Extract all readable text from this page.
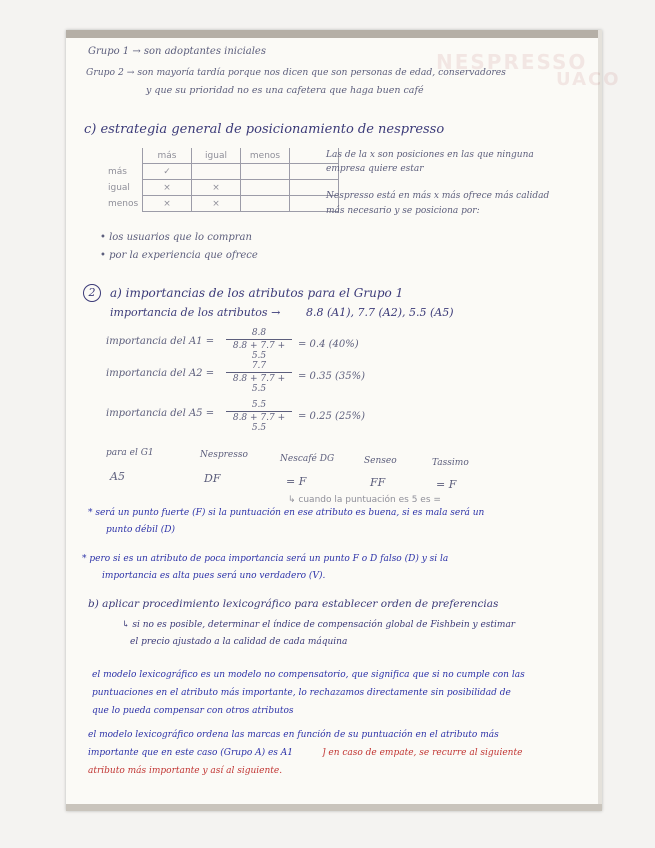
NESPRESSO
UACO
Grupo 1 → son adoptantes iniciales
Grupo 2 → son mayoría tardía porque nos dicen que son personas de edad, conservadores
y que su prioridad no es una cafetera que haga buen café
c) estrategia general de posicionamiento de nespresso
	más	igual	menos	
más	✓			
igual	×	×		
menos	×	×		
Las de la x son posiciones en las que ninguna
empresa quiere estar
Nespresso está en más x más ofrece más calidad
más necesario y se posiciona por:
• los usuarios que lo compran
• por la experiencia que ofrece
2	a) importancias de los atributos para el Grupo 1
importancia de los atributos → 8.8 (A1), 7.7 (A2), 5.5 (A5)
importancia del A1 =
8.8
8.8 + 7.7 + 5.5
= 0.4 (40%)
importancia del A2 =
7.7
8.8 + 7.7 + 5.5
= 0.35 (35%)
importancia del A5 =
5.5
8.8 + 7.7 + 5.5
= 0.25 (25%)
para el G1	Nespresso	Nescafé DG	Senseo	Tassimo
A5	DF	= F	FF	= F
↳ cuando la puntuación es 5 es =
* será un punto fuerte (F) si la puntuación en ese atributo es buena, si es mala será un
punto débil (D)
* pero si es un atributo de poca importancia será un punto F o D falso (D) y si la
importancia es alta pues será uno verdadero (V).
b) aplicar procedimiento lexicográfico para establecer orden de preferencias
↳ si no es posible, determinar el índice de compensación global de Fishbein y estimar
el precio ajustado a la calidad de cada máquina
el modelo lexicográfico es un modelo no compensatorio, que significa que si no cumple con las
puntuaciones en el atributo más importante, lo rechazamos directamente sin posibilidad de
que lo pueda compensar con otros atributos
el modelo lexicográfico ordena las marcas en función de su puntuación en el atributo más
importante que en este caso (Grupo A) es A1	] en caso de empate, se recurre al siguiente
atributo más importante y así al siguiente.
